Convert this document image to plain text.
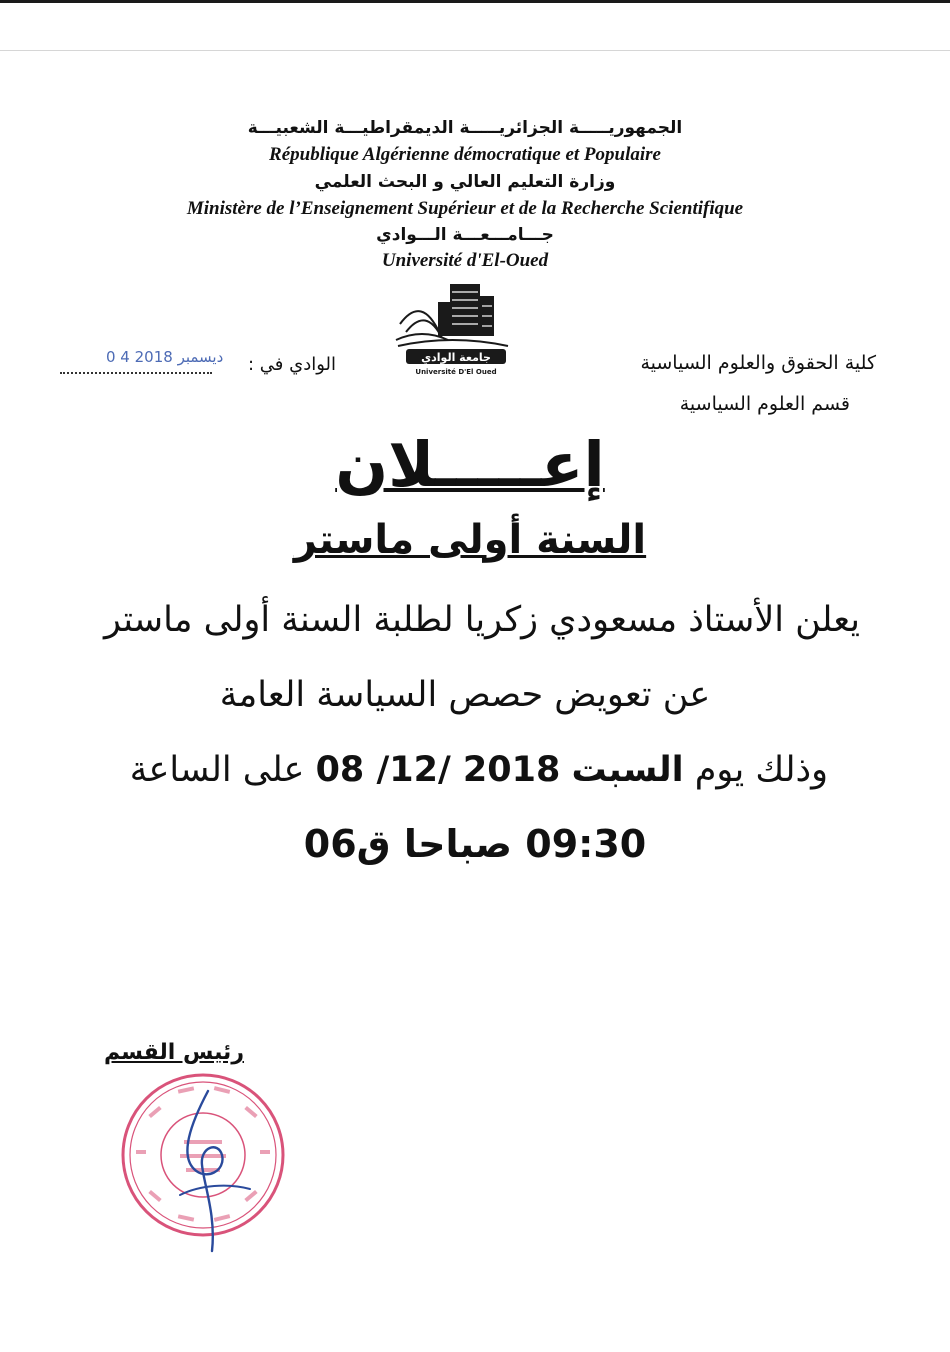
الجمهوريـــــة الجزائريـــــة الديمقراطيـــة الشعبيـــة
République Algérienne démocratique et Populaire
وزارة التعليم العالي و البحث العلمي
Ministère de l’Enseignement Supérieur et de la Recherche Scientifique
جـــامـــعـــة الـــوادي
Université d'El-Oued
جامعة الوادي
Université D'El Oued
الوادي في :
0 4 ديسمبر 2018	كلية الحقوق والعلوم السياسية
قسم العلوم السياسية
إعـــــلان
السنة أولى ماستر
يعلن الأستاذ مسعودي زكريا لطلبة السنة أولى ماستر
عن تعويض حصص السياسة العامة
وذلك يوم السبت 08 /12/ 2018 على الساعة
09:30 صباحا ق06
رئيس القسم
